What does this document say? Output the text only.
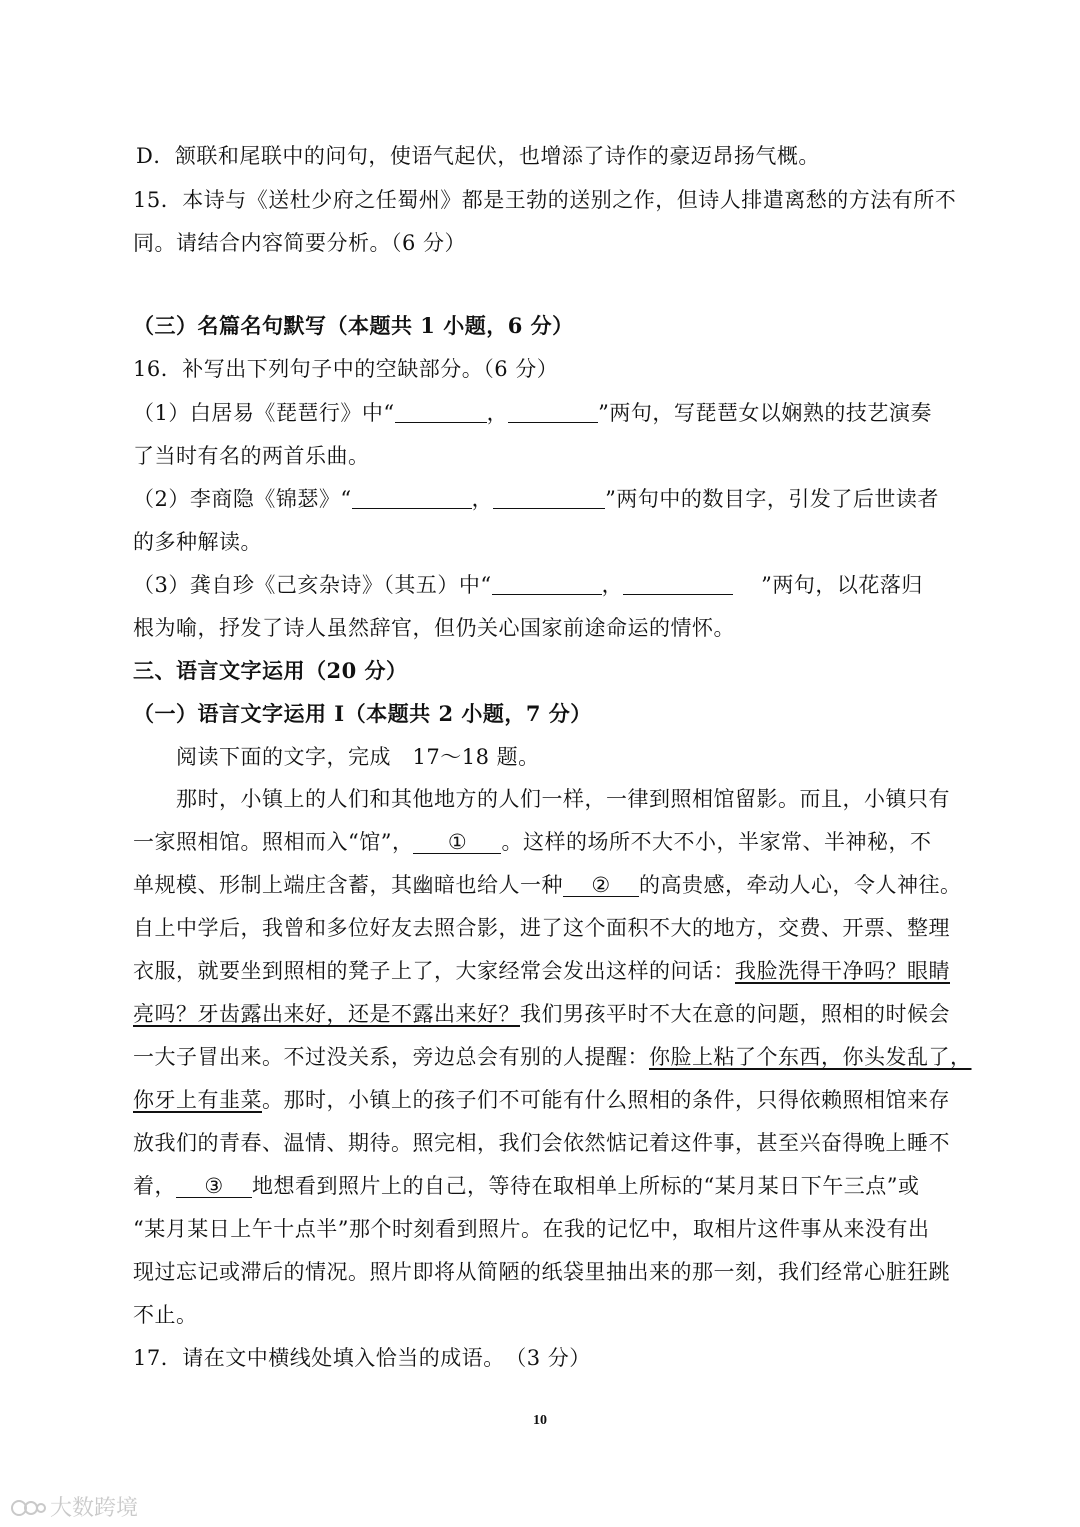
D．颔联和尾联中的问句，使语气起伏，也增添了诗作的豪迈昂扬气概。
15．本诗与《送杜少府之任蜀州》都是王勃的送别之作，但诗人排遣离愁的方法有所不
同。请结合内容简要分析。（6 分）
（三）名篇名句默写（本题共 1 小题，6 分）
16．补写出下列句子中的空缺部分。（6 分）
（1）白居易《琵琶行》中“	，	”两句，写琵琶女以娴熟的技艺演奏
了当时有名的两首乐曲。
（2）李商隐《锦瑟》“	，	”两句中的数目字，引发了后世读者
的多种解读。
（3）龚自珍《己亥杂诗》（其五）中“	，	”两句，以花落归
根为喻，抒发了诗人虽然辞官，但仍关心国家前途命运的情怀。
三、语言文字运用（20 分）
（一）语言文字运用 I（本题共 2 小题，7 分）
阅读下面的文字，完成　17～18 题。
那时，小镇上的人们和其他地方的人们一样，一律到照相馆留影。而且，小镇只有
一家照相馆。照相而入“馆”， ① 。这样的场所不大不小，半家常、半神秘，不
单规模、形制上端庄含蓄，其幽暗也给人一种 ② 的高贵感，牵动人心，令人神往。
自上中学后，我曾和多位好友去照合影，进了这个面积不大的地方，交费、开票、整理
衣服，就要坐到照相的凳子上了，大家经常会发出这样的问话：我脸洗得干净吗？眼睛
亮吗？牙齿露出来好，还是不露出来好？我们男孩平时不大在意的问题，照相的时候会
一大子冒出来。不过没关系，旁边总会有别的人提醒：你脸上粘了个东西，你头发乱了，
你牙上有韭菜。那时，小镇上的孩子们不可能有什么照相的条件，只得依赖照相馆来存
放我们的青春、温情、期待。照完相，我们会依然惦记着这件事，甚至兴奋得晚上睡不
着， ③ 地想看到照片上的自己，等待在取相单上所标的“某月某日下午三点”或
“某月某日上午十点半”那个时刻看到照片。在我的记忆中，取相片这件事从来没有出
现过忘记或滞后的情况。照片即将从简陋的纸袋里抽出来的那一刻，我们经常心脏狂跳
不止。
17．请在文中横线处填入恰当的成语。　（3 分）
10
大数跨境
